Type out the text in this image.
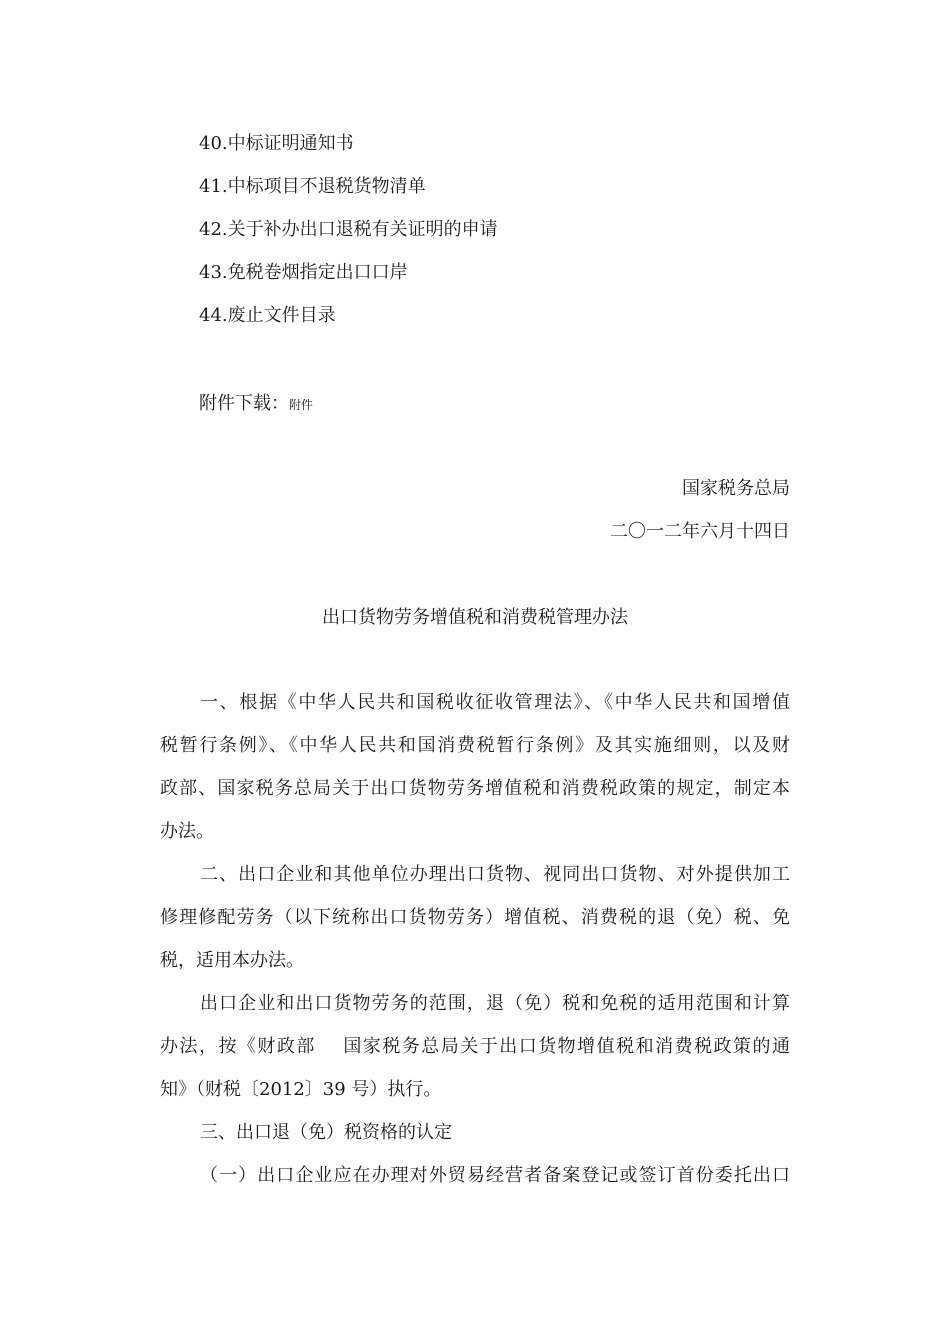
40.中标证明通知书
41.中标项目不退税货物清单
42.关于补办出口退税有关证明的申请
43.免税卷烟指定出口口岸
44.废止文件目录
附件下载：附件
国家税务总局
二〇一二年六月十四日
出口货物劳务增值税和消费税管理办法
一、根据《中华人民共和国税收征收管理法》、《中华人民共和国增值
税暂行条例》、《中华人民共和国消费税暂行条例》及其实施细则，以及财
政部、国家税务总局关于出口货物劳务增值税和消费税政策的规定，制定本
办法。
二、出口企业和其他单位办理出口货物、视同出口货物、对外提供加工
修理修配劳务（以下统称出口货物劳务）增值税、消费税的退（免）税、免
税，适用本办法。
出口企业和出口货物劳务的范围，退（免）税和免税的适用范围和计算
办法，按《财政部 国家税务总局关于出口货物增值税和消费税政策的通
知》（财税〔2012〕39 号）执行。
三、出口退（免）税资格的认定
（一）出口企业应在办理对外贸易经营者备案登记或签订首份委托出口
